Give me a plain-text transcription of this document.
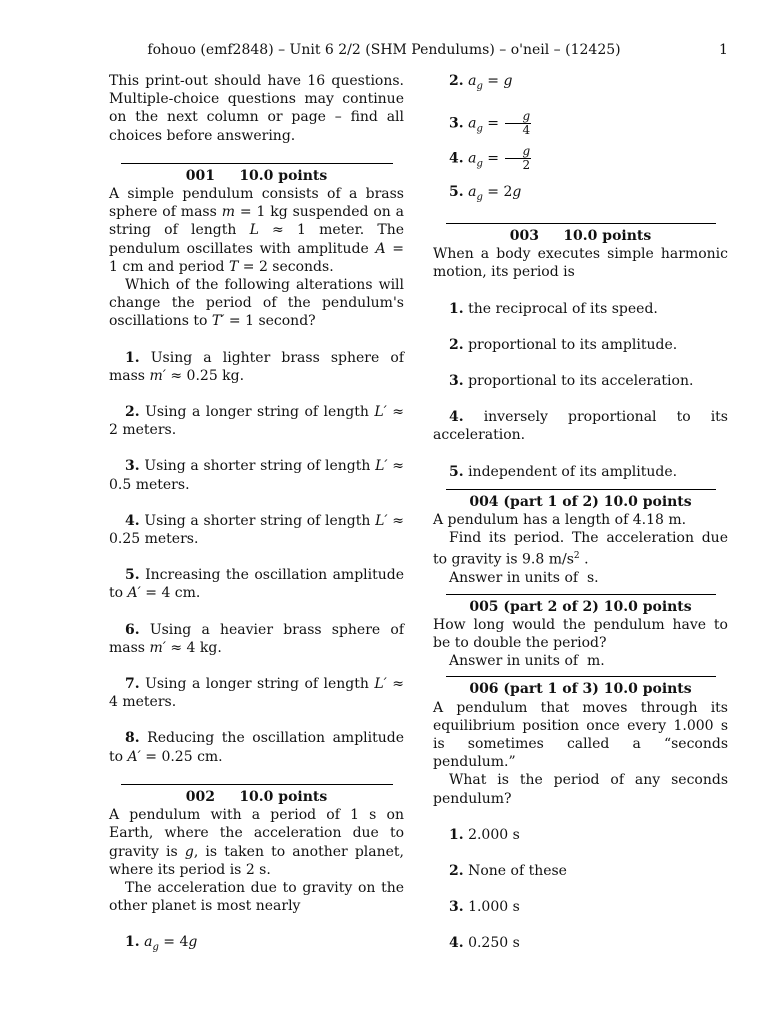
fohouo (emf2848) – Unit 6 2/2 (SHM Pendulums) – o'neil – (12425)	1
This print-out should have 16 questions. Multiple-choice questions may continue on the next column or page – find all choices before answering.
001     10.0 points
A simple pendulum consists of a brass sphere of mass m = 1 kg suspended on a string of length L ≈ 1 meter. The pendulum oscillates with amplitude A = 1 cm and period T = 2 seconds.
Which of the following alterations will change the period of the pendulum's oscillations to T′ = 1 second?
1. Using a lighter brass sphere of mass m′ ≈ 0.25 kg.
2. Using a longer string of length L′ ≈ 2 meters.
3. Using a shorter string of length L′ ≈ 0.5 meters.
4. Using a shorter string of length L′ ≈ 0.25 meters.
5. Increasing the oscillation amplitude to A′ = 4 cm.
6. Using a heavier brass sphere of mass m′ ≈ 4 kg.
7. Using a longer string of length L′ ≈ 4 meters.
8. Reducing the oscillation amplitude to A′ = 0.25 cm.
002     10.0 points
A pendulum with a period of 1 s on Earth, where the acceleration due to gravity is g, is taken to another planet, where its period is 2 s.
The acceleration due to gravity on the other planet is most nearly
1. $a_g = 4g$
2. $a_g = g$
3. $a_g = \frac{g}{4}$
4. $a_g = \frac{g}{2}$
5. $a_g = 2g$
003     10.0 points
When a body executes simple harmonic motion, its period is
1. the reciprocal of its speed.
2. proportional to its amplitude.
3. proportional to its acceleration.
4. inversely proportional to its acceleration.
5. independent of its amplitude.
004 (part 1 of 2) 10.0 points
A pendulum has a length of 4.18 m.
Find its period. The acceleration due to gravity is 9.8 $m/s^2$ .
Answer in units of  s.
005 (part 2 of 2) 10.0 points
How long would the pendulum have to be to double the period?
Answer in units of  m.
006 (part 1 of 3) 10.0 points
A pendulum that moves through its equilibrium position once every 1.000 s is sometimes called a “seconds pendulum.”
What is the period of any seconds pendulum?
1. 2.000 s
2. None of these
3. 1.000 s
4. 0.250 s
